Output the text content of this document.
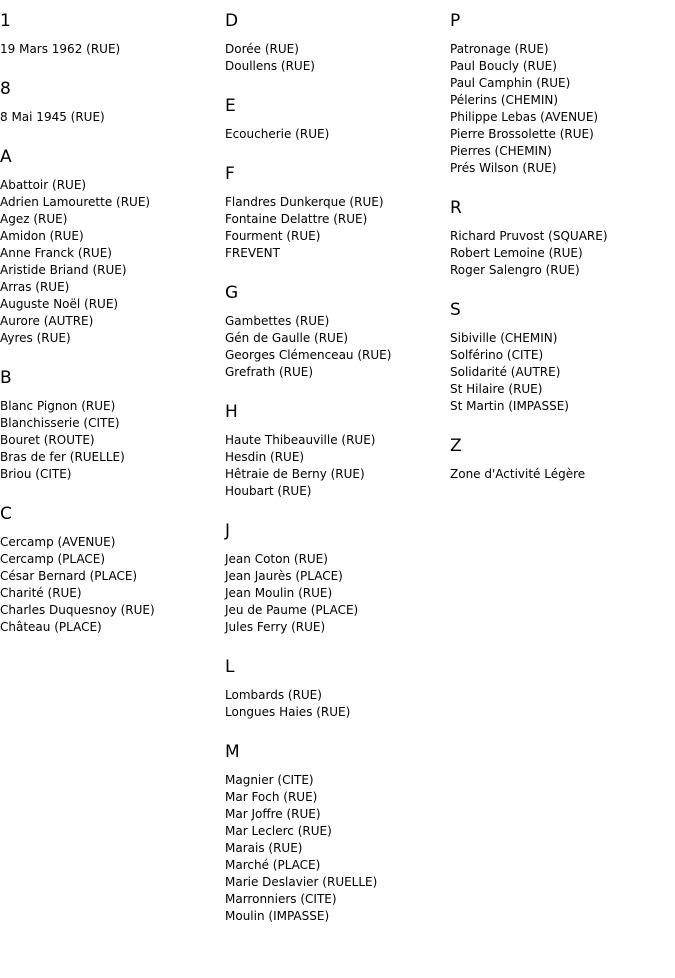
1
19 Mars 1962 (RUE)
8
8 Mai 1945 (RUE)
A
Abattoir (RUE)
Adrien Lamourette (RUE)
Agez (RUE)
Amidon (RUE)
Anne Franck (RUE)
Aristide Briand (RUE)
Arras (RUE)
Auguste Noël (RUE)
Aurore (AUTRE)
Ayres (RUE)
B
Blanc Pignon (RUE)
Blanchisserie (CITE)
Bouret (ROUTE)
Bras de fer (RUELLE)
Briou (CITE)
C
Cercamp (AVENUE)
Cercamp (PLACE)
César Bernard (PLACE)
Charité (RUE)
Charles Duquesnoy (RUE)
Château (PLACE)
D
Dorée (RUE)
Doullens (RUE)
E
Ecoucherie (RUE)
F
Flandres Dunkerque (RUE)
Fontaine Delattre (RUE)
Fourment (RUE)
FREVENT
G
Gambettes (RUE)
Gén de Gaulle (RUE)
Georges Clémenceau (RUE)
Grefrath (RUE)
H
Haute Thibeauville (RUE)
Hesdin (RUE)
Hêtraie de Berny (RUE)
Houbart (RUE)
J
Jean Coton (RUE)
Jean Jaurès (PLACE)
Jean Moulin (RUE)
Jeu de Paume (PLACE)
Jules Ferry (RUE)
L
Lombards (RUE)
Longues Haies (RUE)
M
Magnier (CITE)
Mar Foch (RUE)
Mar Joffre (RUE)
Mar Leclerc (RUE)
Marais (RUE)
Marché (PLACE)
Marie Deslavier (RUELLE)
Marronniers (CITE)
Moulin (IMPASSE)
P
Patronage (RUE)
Paul Boucly (RUE)
Paul Camphin (RUE)
Pélerins (CHEMIN)
Philippe Lebas (AVENUE)
Pierre Brossolette (RUE)
Pierres (CHEMIN)
Prés Wilson (RUE)
R
Richard Pruvost (SQUARE)
Robert Lemoine (RUE)
Roger Salengro (RUE)
S
Sibiville (CHEMIN)
Solférino (CITE)
Solidarité (AUTRE)
St Hilaire (RUE)
St Martin (IMPASSE)
Z
Zone d'Activité Légère
